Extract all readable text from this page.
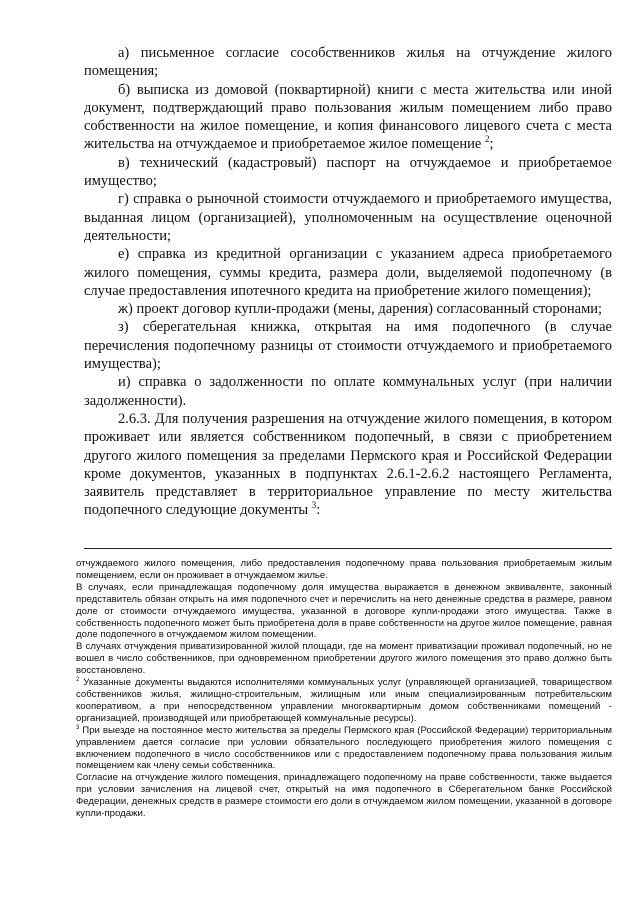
а) письменное согласие сособственников жилья на отчуждение жилого помещения;

б) выписка из домовой (поквартирной) книги с места жительства или иной документ, подтверждающий право пользования жилым помещением либо право собственности на жилое помещение, и копия финансового лицевого счета с места жительства на отчуждаемое и приобретаемое жилое помещение $^2$;

в) технический (кадастровый) паспорт на отчуждаемое и приобретаемое имущество;

г) справка о рыночной стоимости отчуждаемого и приобретаемого имущества, выданная лицом (организацией), уполномоченным на осуществление оценочной деятельности;

е) справка из кредитной организации с указанием адреса приобретаемого жилого помещения, суммы кредита, размера доли, выделяемой подопечному (в случае предоставления ипотечного кредита на приобретение жилого помещения);

ж) проект договор купли-продажи (мены, дарения) согласованный сторонами;

з) сберегательная книжка, открытая на имя подопечного (в случае перечисления подопечному разницы от стоимости отчуждаемого и приобретаемого имущества);

и) справка о задолженности по оплате коммунальных услуг (при наличии задолженности).

2.6.3. Для получения разрешения на отчуждение жилого помещения, в котором проживает или является собственником подопечный, в связи с приобретением другого жилого помещения за пределами Пермского края и Российской Федерации кроме документов, указанных в подпунктах 2.6.1-2.6.2 настоящего Регламента, заявитель представляет в территориальное управление по месту жительства подопечного следующие документы $^3$:

отчуждаемого жилого помещения, либо предоставления подопечному права пользования приобретаемым жилым помещением, если он проживает в отчуждаемом жилье.

В случаях, если принадлежащая подопечному доля имущества выражается в денежном эквиваленте, законный представитель обязан открыть на имя подопечного счет и перечислить на него денежные средства в размере, равном доле от стоимости отчуждаемого имущества, указанной в договоре купли-продажи этого имущества. Также в собственность подопечного может быть приобретена доля в праве собственности на другое жилое помещение, равная доле подопечного в отчуждаемом жилом помещении.

В случаях отчуждения приватизированной жилой площади, где на момент приватизации проживал подопечный, но не вошел в число собственников, при одновременном приобретении другого жилого помещения это право должно быть восстановлено.

$^2$ Указанные документы выдаются исполнителями коммунальных услуг (управляющей организацией, товариществом собственников жилья, жилищно-строительным, жилищным или иным специализированным потребительским кооперативом, а при непосредственном управлении многоквартирным домом собственниками помещений - организацией, производящей или приобретающей коммунальные ресурсы).

$^3$ При выезде на постоянное место жительства за пределы Пермского края (Российской Федерации) территориальным управлением дается согласие при условии обязательного последующего приобретения жилого помещения с включением подопечного в число сособственников или с предоставлением подопечному права пользования жилым помещением как члену семьи собственника.

Согласие на отчуждение жилого помещения, принадлежащего подопечному на праве собственности, также выдается при условии зачисления на лицевой счет, открытый на имя подопечного в Сберегательном банке Российской Федерации, денежных средств в размере стоимости его доли в отчуждаемом жилом помещении, указанной в договоре купли-продажи.
